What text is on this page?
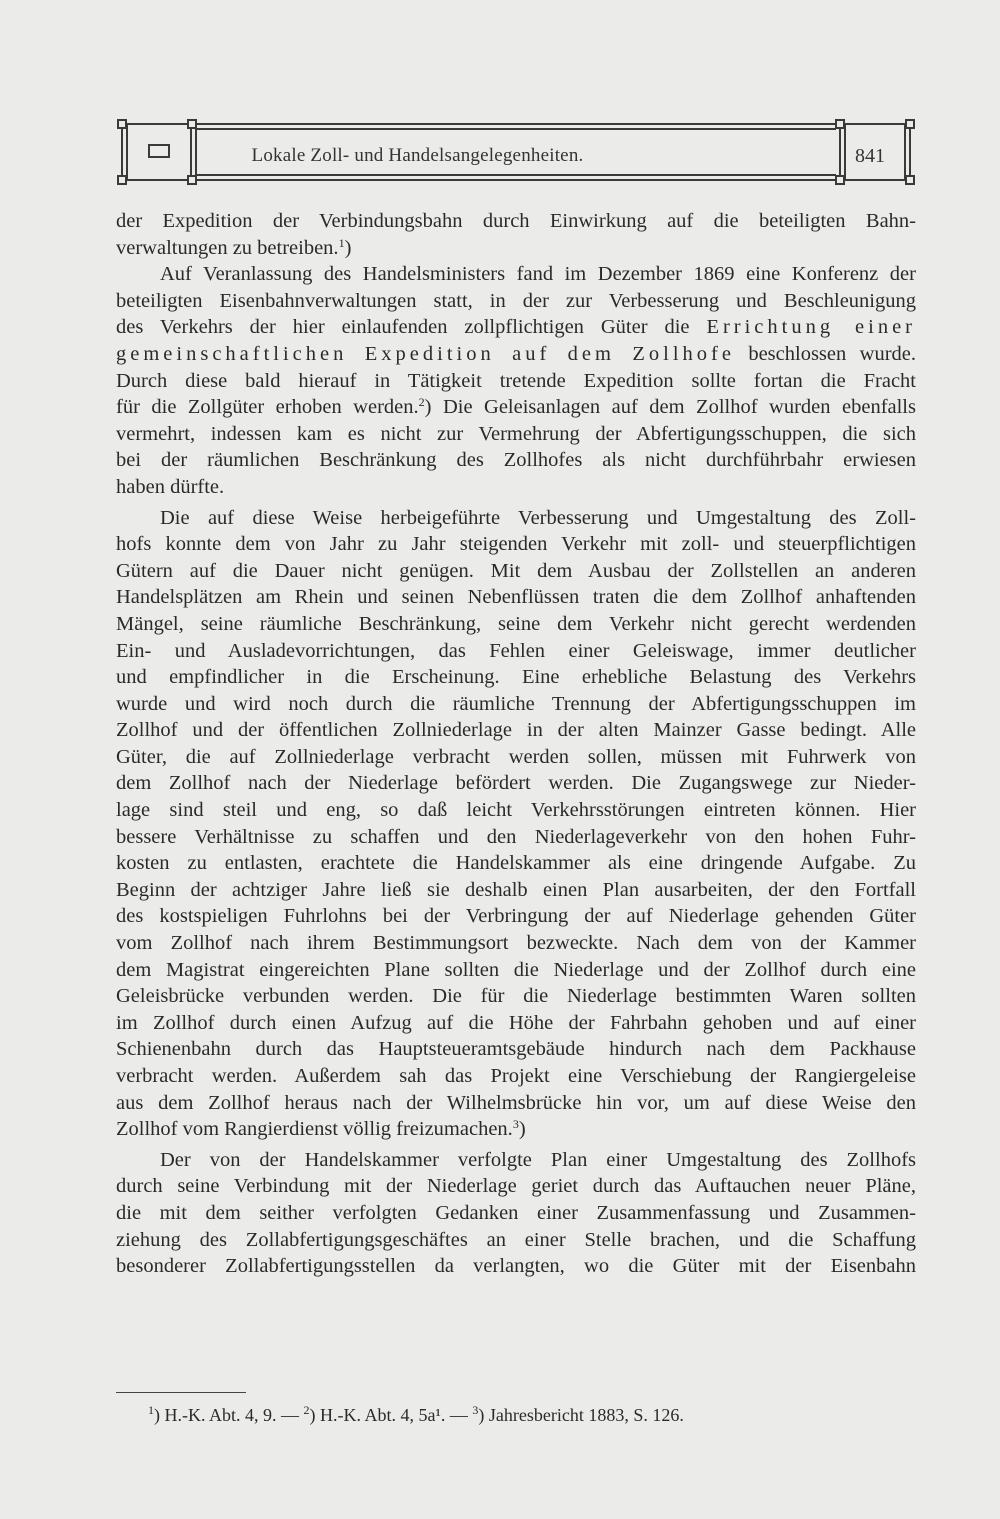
Lokale Zoll- und Handelsangelegenheiten.	841
der Expedition der Verbindungsbahn durch Einwirkung auf die beteiligten Bahn-
verwaltungen zu betreiben.$^1$)
Auf Veranlassung des Handelsministers fand im Dezember 1869 eine Konferenz der
beteiligten Eisenbahnverwaltungen statt, in der zur Verbesserung und Beschleunigung
des Verkehrs der hier einlaufenden zollpflichtigen Güter die Errichtung einer
gemeinschaftlichen Expedition auf dem Zollhofe beschlossen wurde.
Durch diese bald hierauf in Tätigkeit tretende Expedition sollte fortan die Fracht
für die Zollgüter erhoben werden.$^2$) Die Geleisanlagen auf dem Zollhof wurden ebenfalls
vermehrt, indessen kam es nicht zur Vermehrung der Abfertigungsschuppen, die sich
bei der räumlichen Beschränkung des Zollhofes als nicht durchführbahr erwiesen
haben dürfte.
Die auf diese Weise herbeigeführte Verbesserung und Umgestaltung des Zoll-
hofs konnte dem von Jahr zu Jahr steigenden Verkehr mit zoll- und steuerpflichtigen
Gütern auf die Dauer nicht genügen. Mit dem Ausbau der Zollstellen an anderen
Handelsplätzen am Rhein und seinen Nebenflüssen traten die dem Zollhof anhaftenden
Mängel, seine räumliche Beschränkung, seine dem Verkehr nicht gerecht werdenden
Ein- und Ausladevorrichtungen, das Fehlen einer Geleiswage, immer deutlicher
und empfindlicher in die Erscheinung. Eine erhebliche Belastung des Verkehrs
wurde und wird noch durch die räumliche Trennung der Abfertigungsschuppen im
Zollhof und der öffentlichen Zollniederlage in der alten Mainzer Gasse bedingt. Alle
Güter, die auf Zollniederlage verbracht werden sollen, müssen mit Fuhrwerk von
dem Zollhof nach der Niederlage befördert werden. Die Zugangswege zur Nieder-
lage sind steil und eng, so daß leicht Verkehrsstörungen eintreten können. Hier
bessere Verhältnisse zu schaffen und den Niederlageverkehr von den hohen Fuhr-
kosten zu entlasten, erachtete die Handelskammer als eine dringende Aufgabe. Zu
Beginn der achtziger Jahre ließ sie deshalb einen Plan ausarbeiten, der den Fortfall
des kostspieligen Fuhrlohns bei der Verbringung der auf Niederlage gehenden Güter
vom Zollhof nach ihrem Bestimmungsort bezweckte. Nach dem von der Kammer
dem Magistrat eingereichten Plane sollten die Niederlage und der Zollhof durch eine
Geleisbrücke verbunden werden. Die für die Niederlage bestimmten Waren sollten
im Zollhof durch einen Aufzug auf die Höhe der Fahrbahn gehoben und auf einer
Schienenbahn durch das Hauptsteueramtsgebäude hindurch nach dem Packhause
verbracht werden. Außerdem sah das Projekt eine Verschiebung der Rangiergeleise
aus dem Zollhof heraus nach der Wilhelmsbrücke hin vor, um auf diese Weise den
Zollhof vom Rangierdienst völlig freizumachen.$^3$)
Der von der Handelskammer verfolgte Plan einer Umgestaltung des Zollhofs
durch seine Verbindung mit der Niederlage geriet durch das Auftauchen neuer Pläne,
die mit dem seither verfolgten Gedanken einer Zusammenfassung und Zusammen-
ziehung des Zollabfertigungsgeschäftes an einer Stelle brachen, und die Schaffung
besonderer Zollabfertigungsstellen da verlangten, wo die Güter mit der Eisenbahn
$^1$) H.-K. Abt. 4, 9. — $^2$) H.-K. Abt. 4, 5a¹. — $^3$) Jahresbericht 1883, S. 126.
